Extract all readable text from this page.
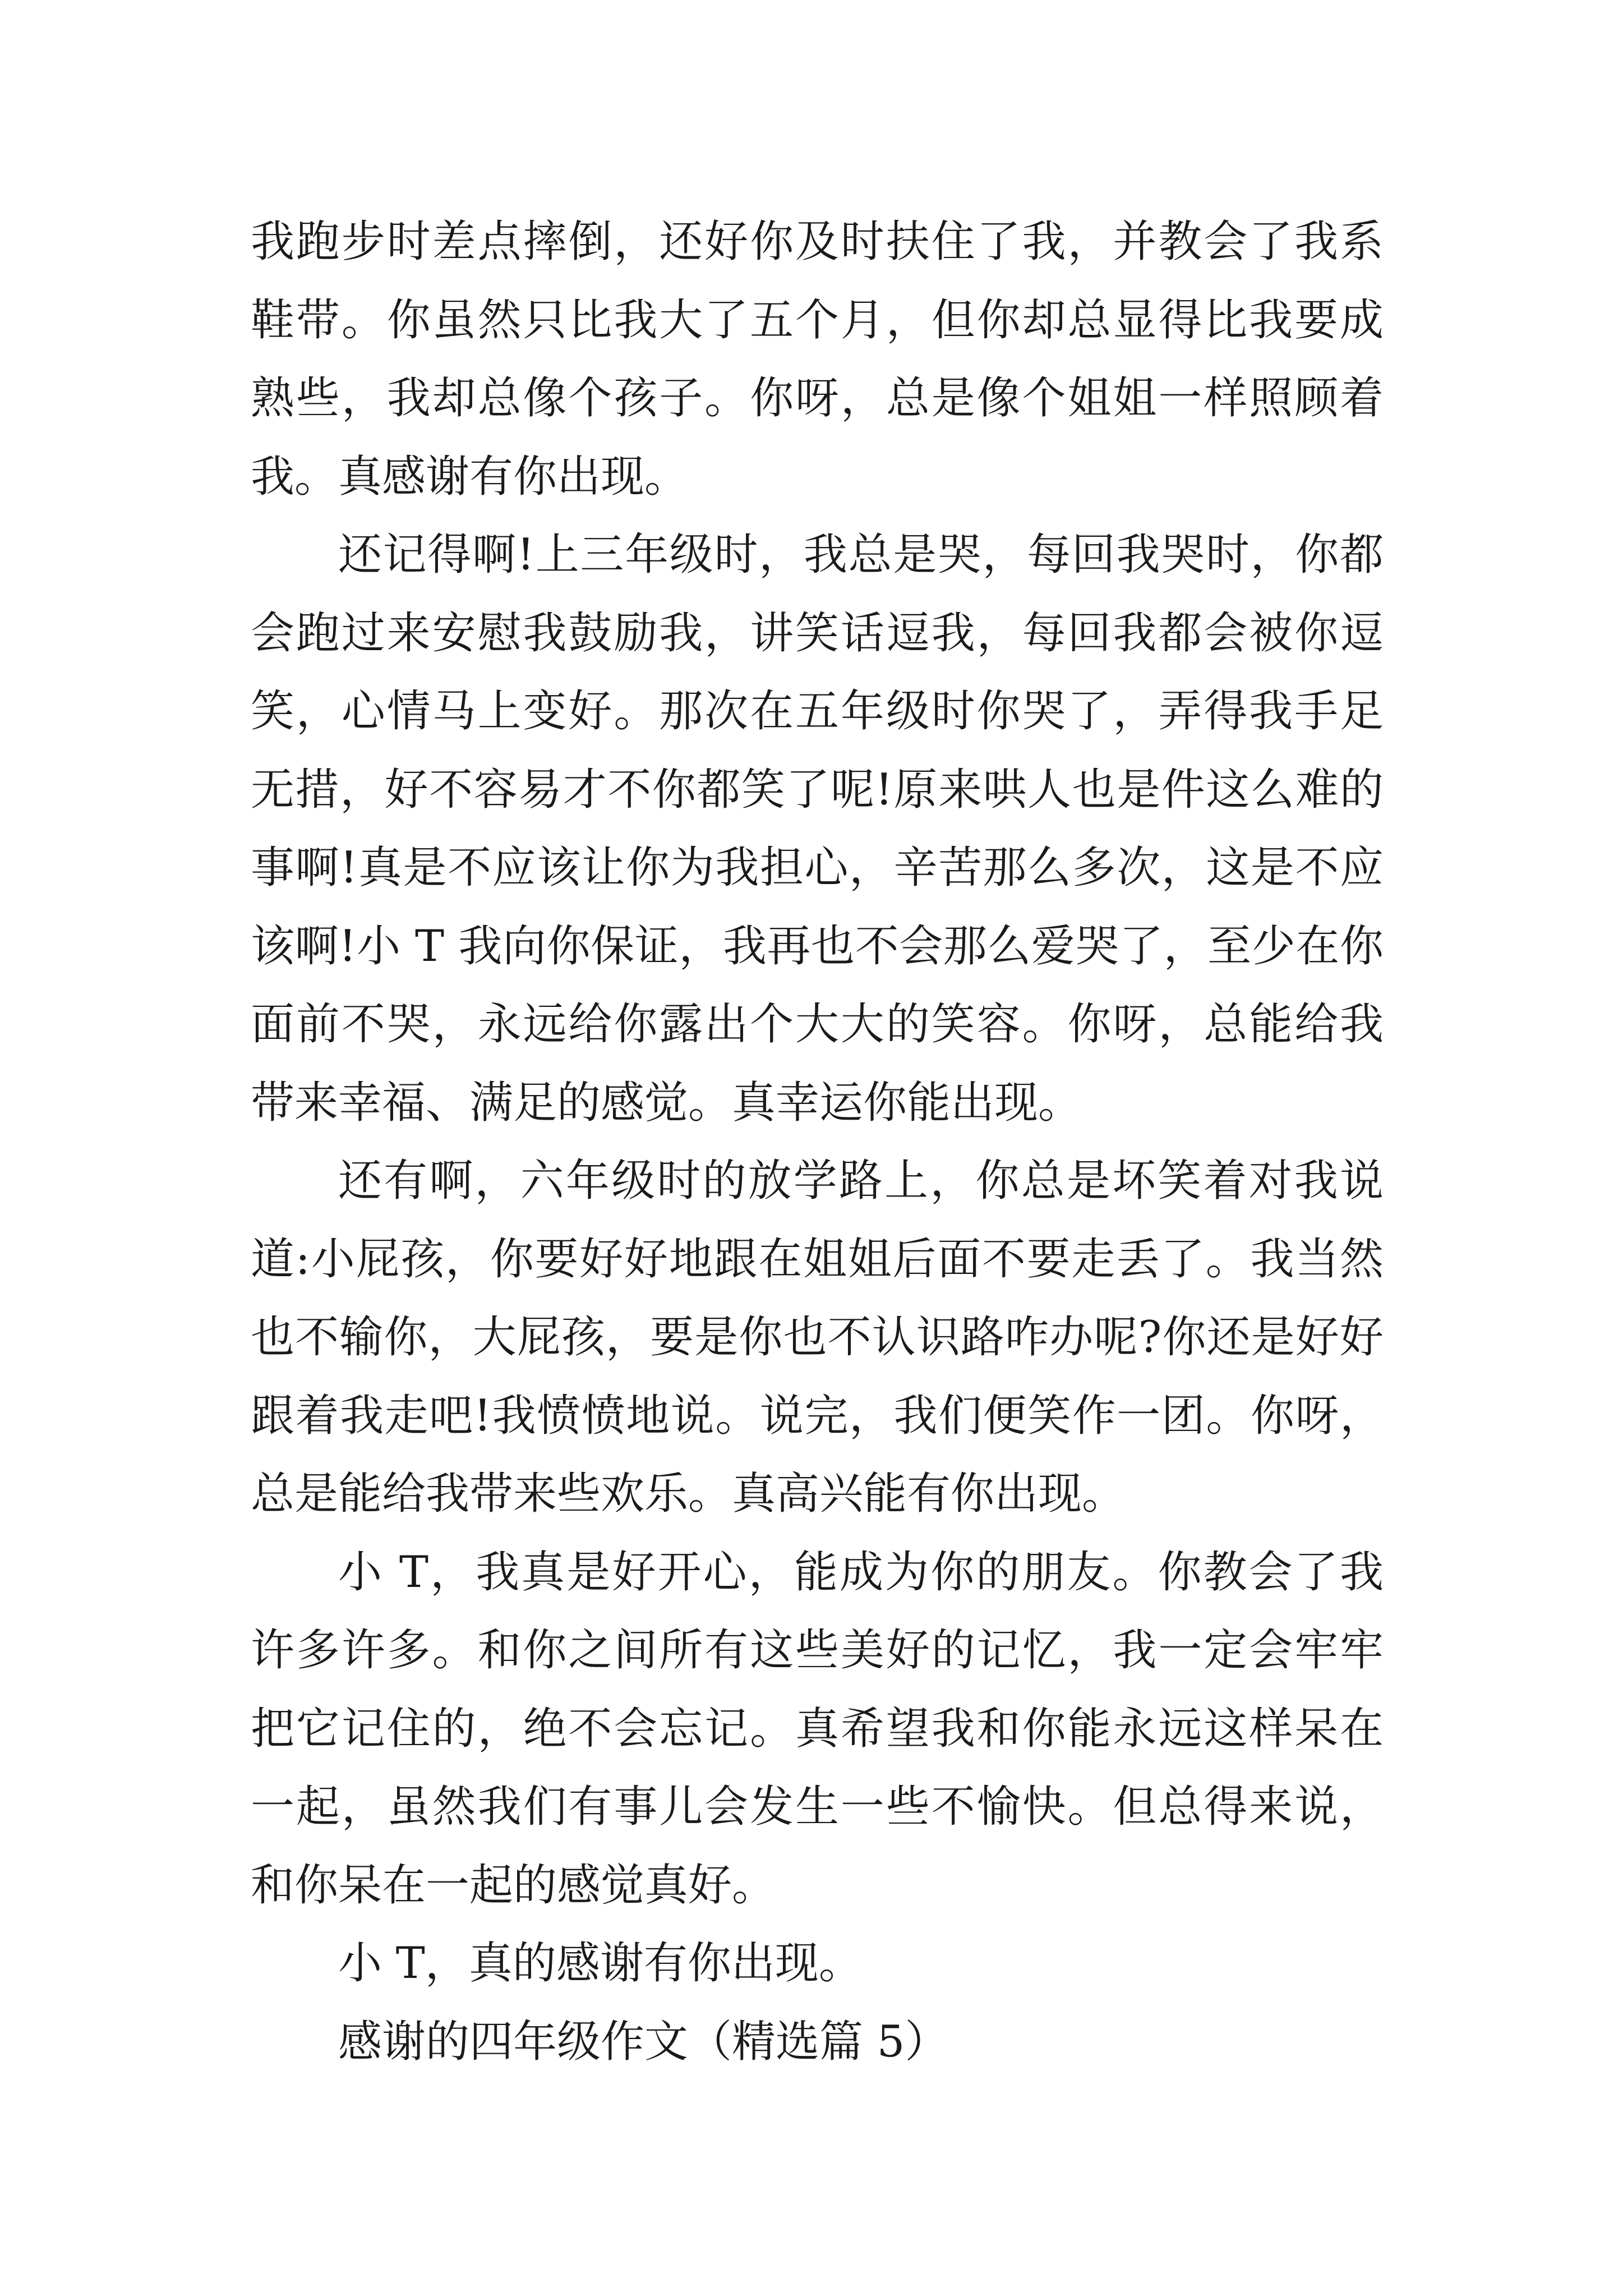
我跑步时差点摔倒，还好你及时扶住了我，并教会了我系鞋带。你虽然只比我大了五个月，但你却总显得比我要成熟些，我却总像个孩子。你呀，总是像个姐姐一样照顾着我。真感谢有你出现。

还记得啊!上三年级时，我总是哭，每回我哭时，你都会跑过来安慰我鼓励我，讲笑话逗我，每回我都会被你逗笑，心情马上变好。那次在五年级时你哭了，弄得我手足无措，好不容易才不你都笑了呢!原来哄人也是件这么难的事啊!真是不应该让你为我担心，辛苦那么多次，这是不应该啊!小 T 我向你保证，我再也不会那么爱哭了，至少在你面前不哭，永远给你露出个大大的笑容。你呀，总能给我带来幸福、满足的感觉。真幸运你能出现。

还有啊，六年级时的放学路上，你总是坏笑着对我说道:小屁孩，你要好好地跟在姐姐后面不要走丢了。我当然也不输你，大屁孩，要是你也不认识路咋办呢?你还是好好跟着我走吧!我愤愤地说。说完，我们便笑作一团。你呀，总是能给我带来些欢乐。真高兴能有你出现。

小 T，我真是好开心，能成为你的朋友。你教会了我许多许多。和你之间所有这些美好的记忆，我一定会牢牢把它记住的，绝不会忘记。真希望我和你能永远这样呆在一起，虽然我们有事儿会发生一些不愉快。但总得来说，和你呆在一起的感觉真好。

小 T，真的感谢有你出现。

感谢的四年级作文（精选篇 5）
